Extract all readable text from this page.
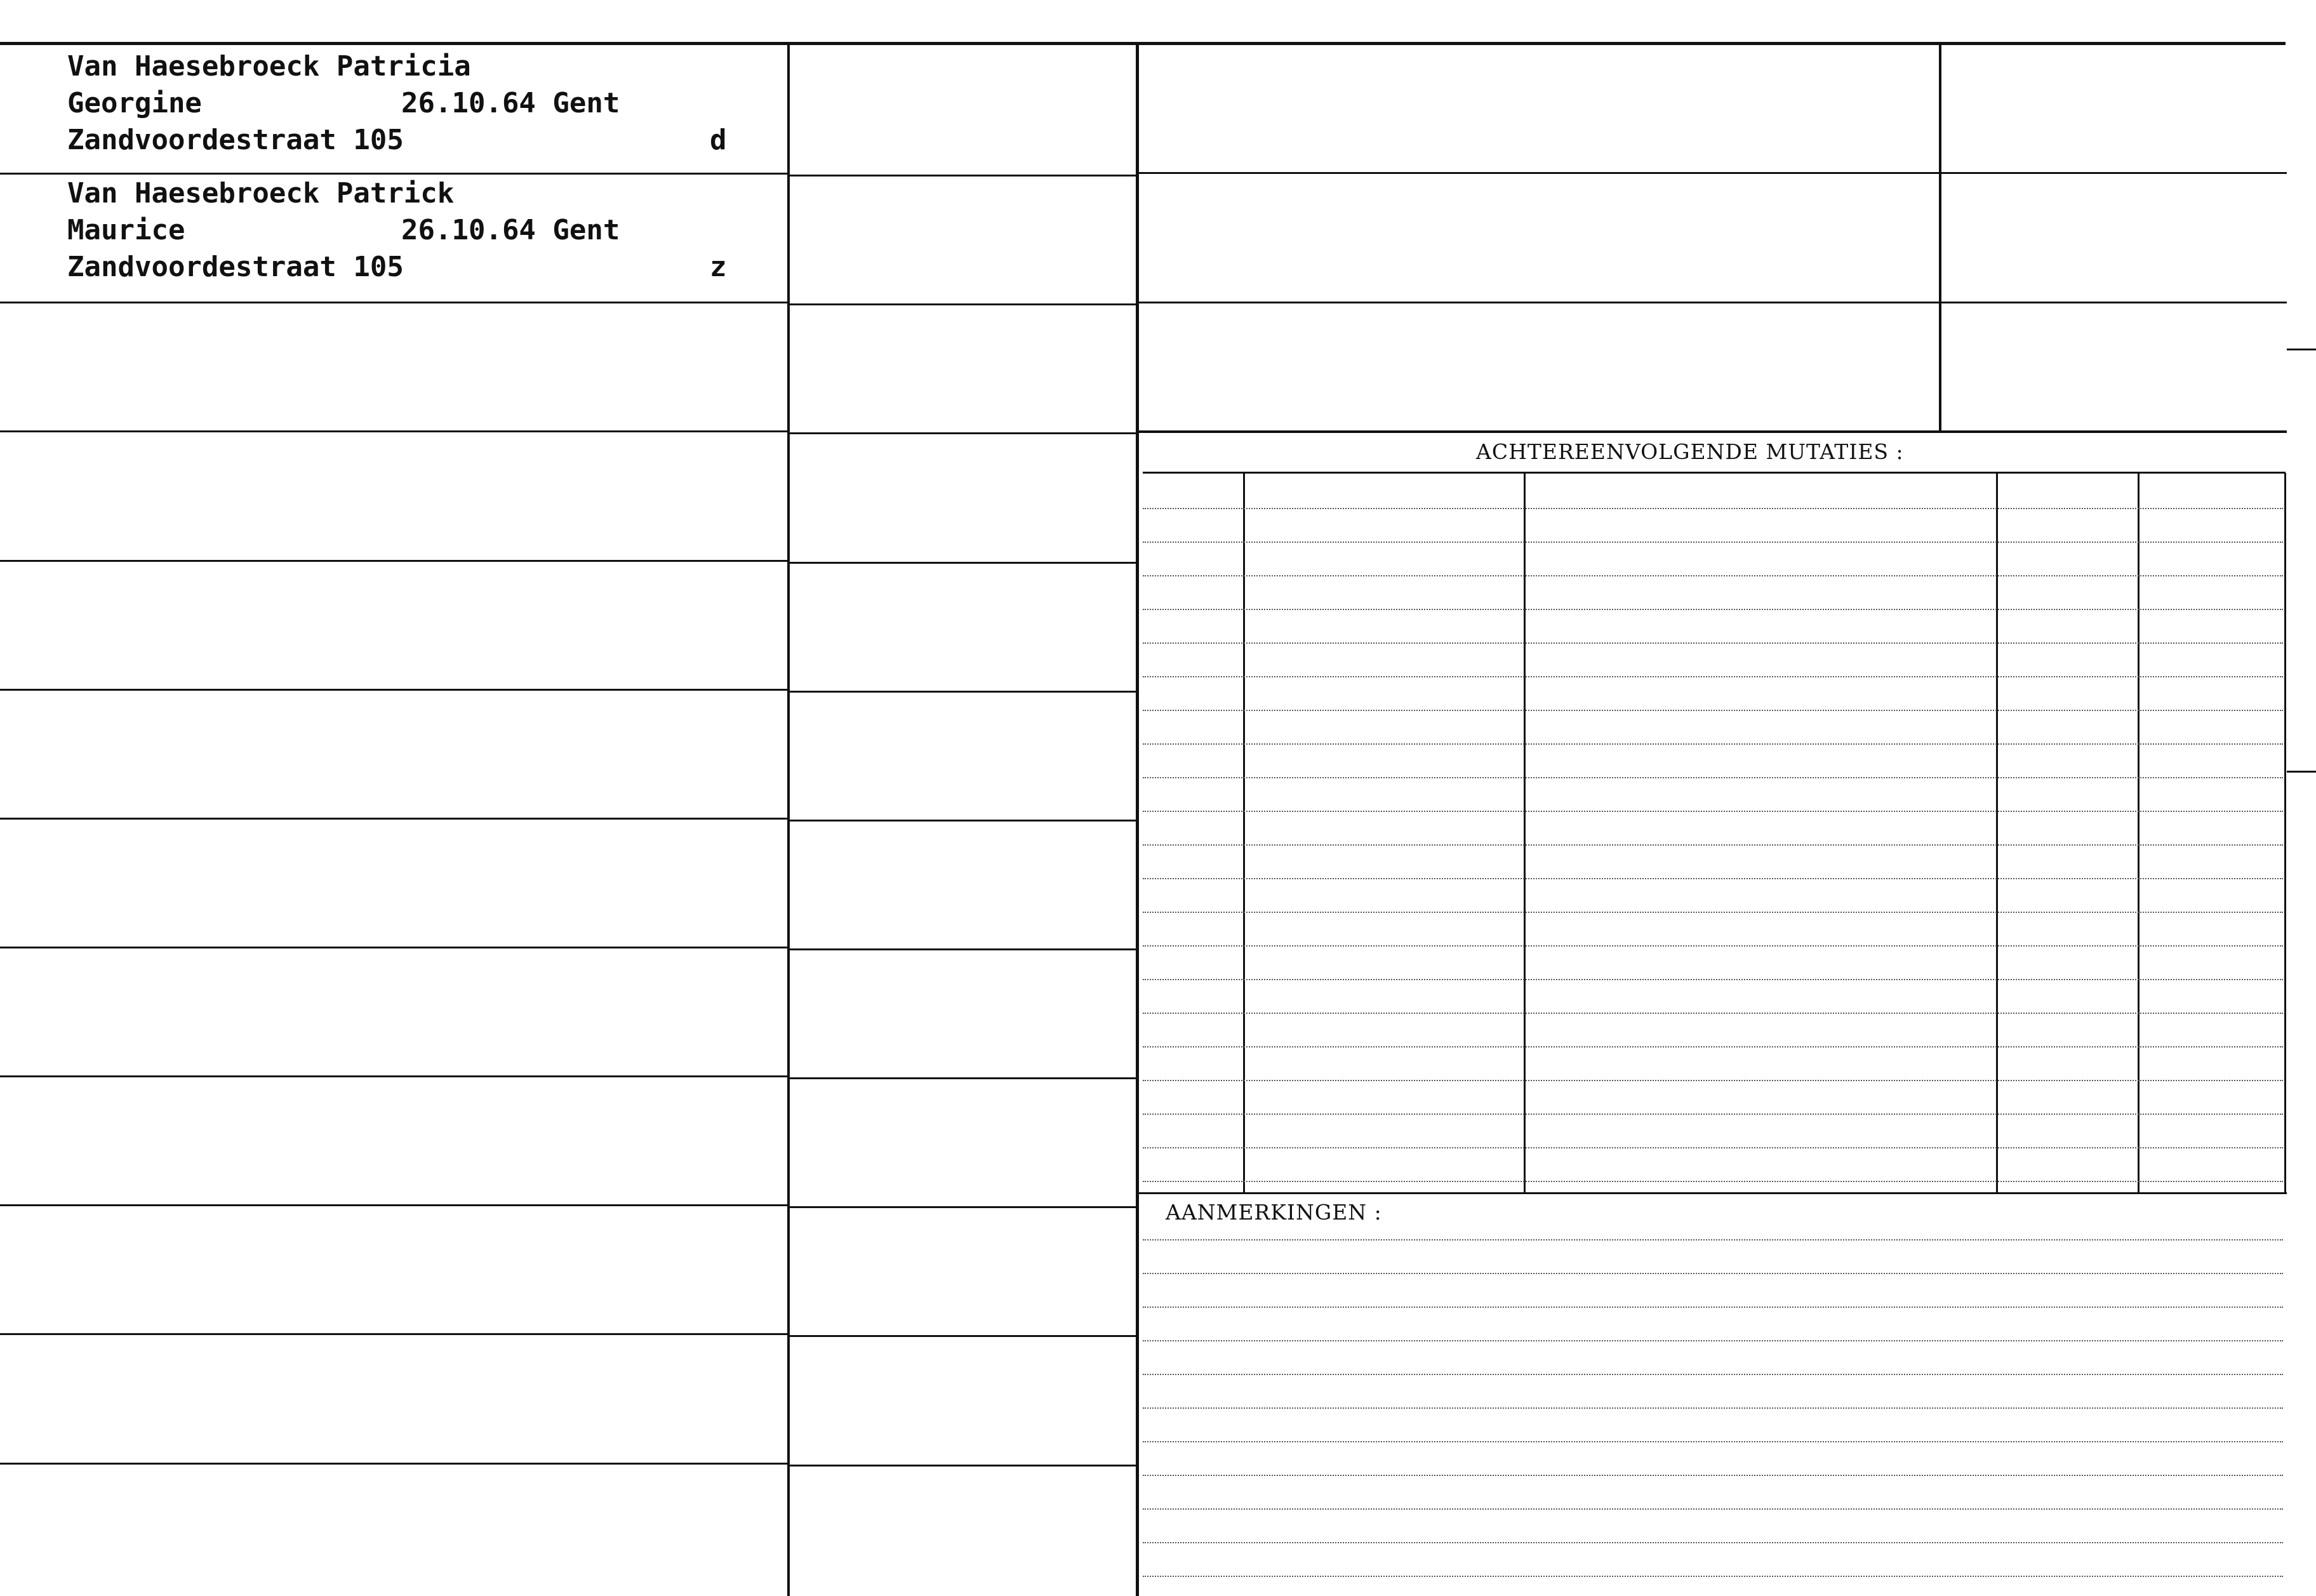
ACHTEREENVOLGENDE MUTATIES :
AANMERKINGEN :
Van Haesebroeck Patricia
Georgine	26.10.64 Gent
Zandvoordestraat 105	d
Van Haesebroeck Patrick
Maurice	26.10.64 Gent
Zandvoordestraat 105	z
